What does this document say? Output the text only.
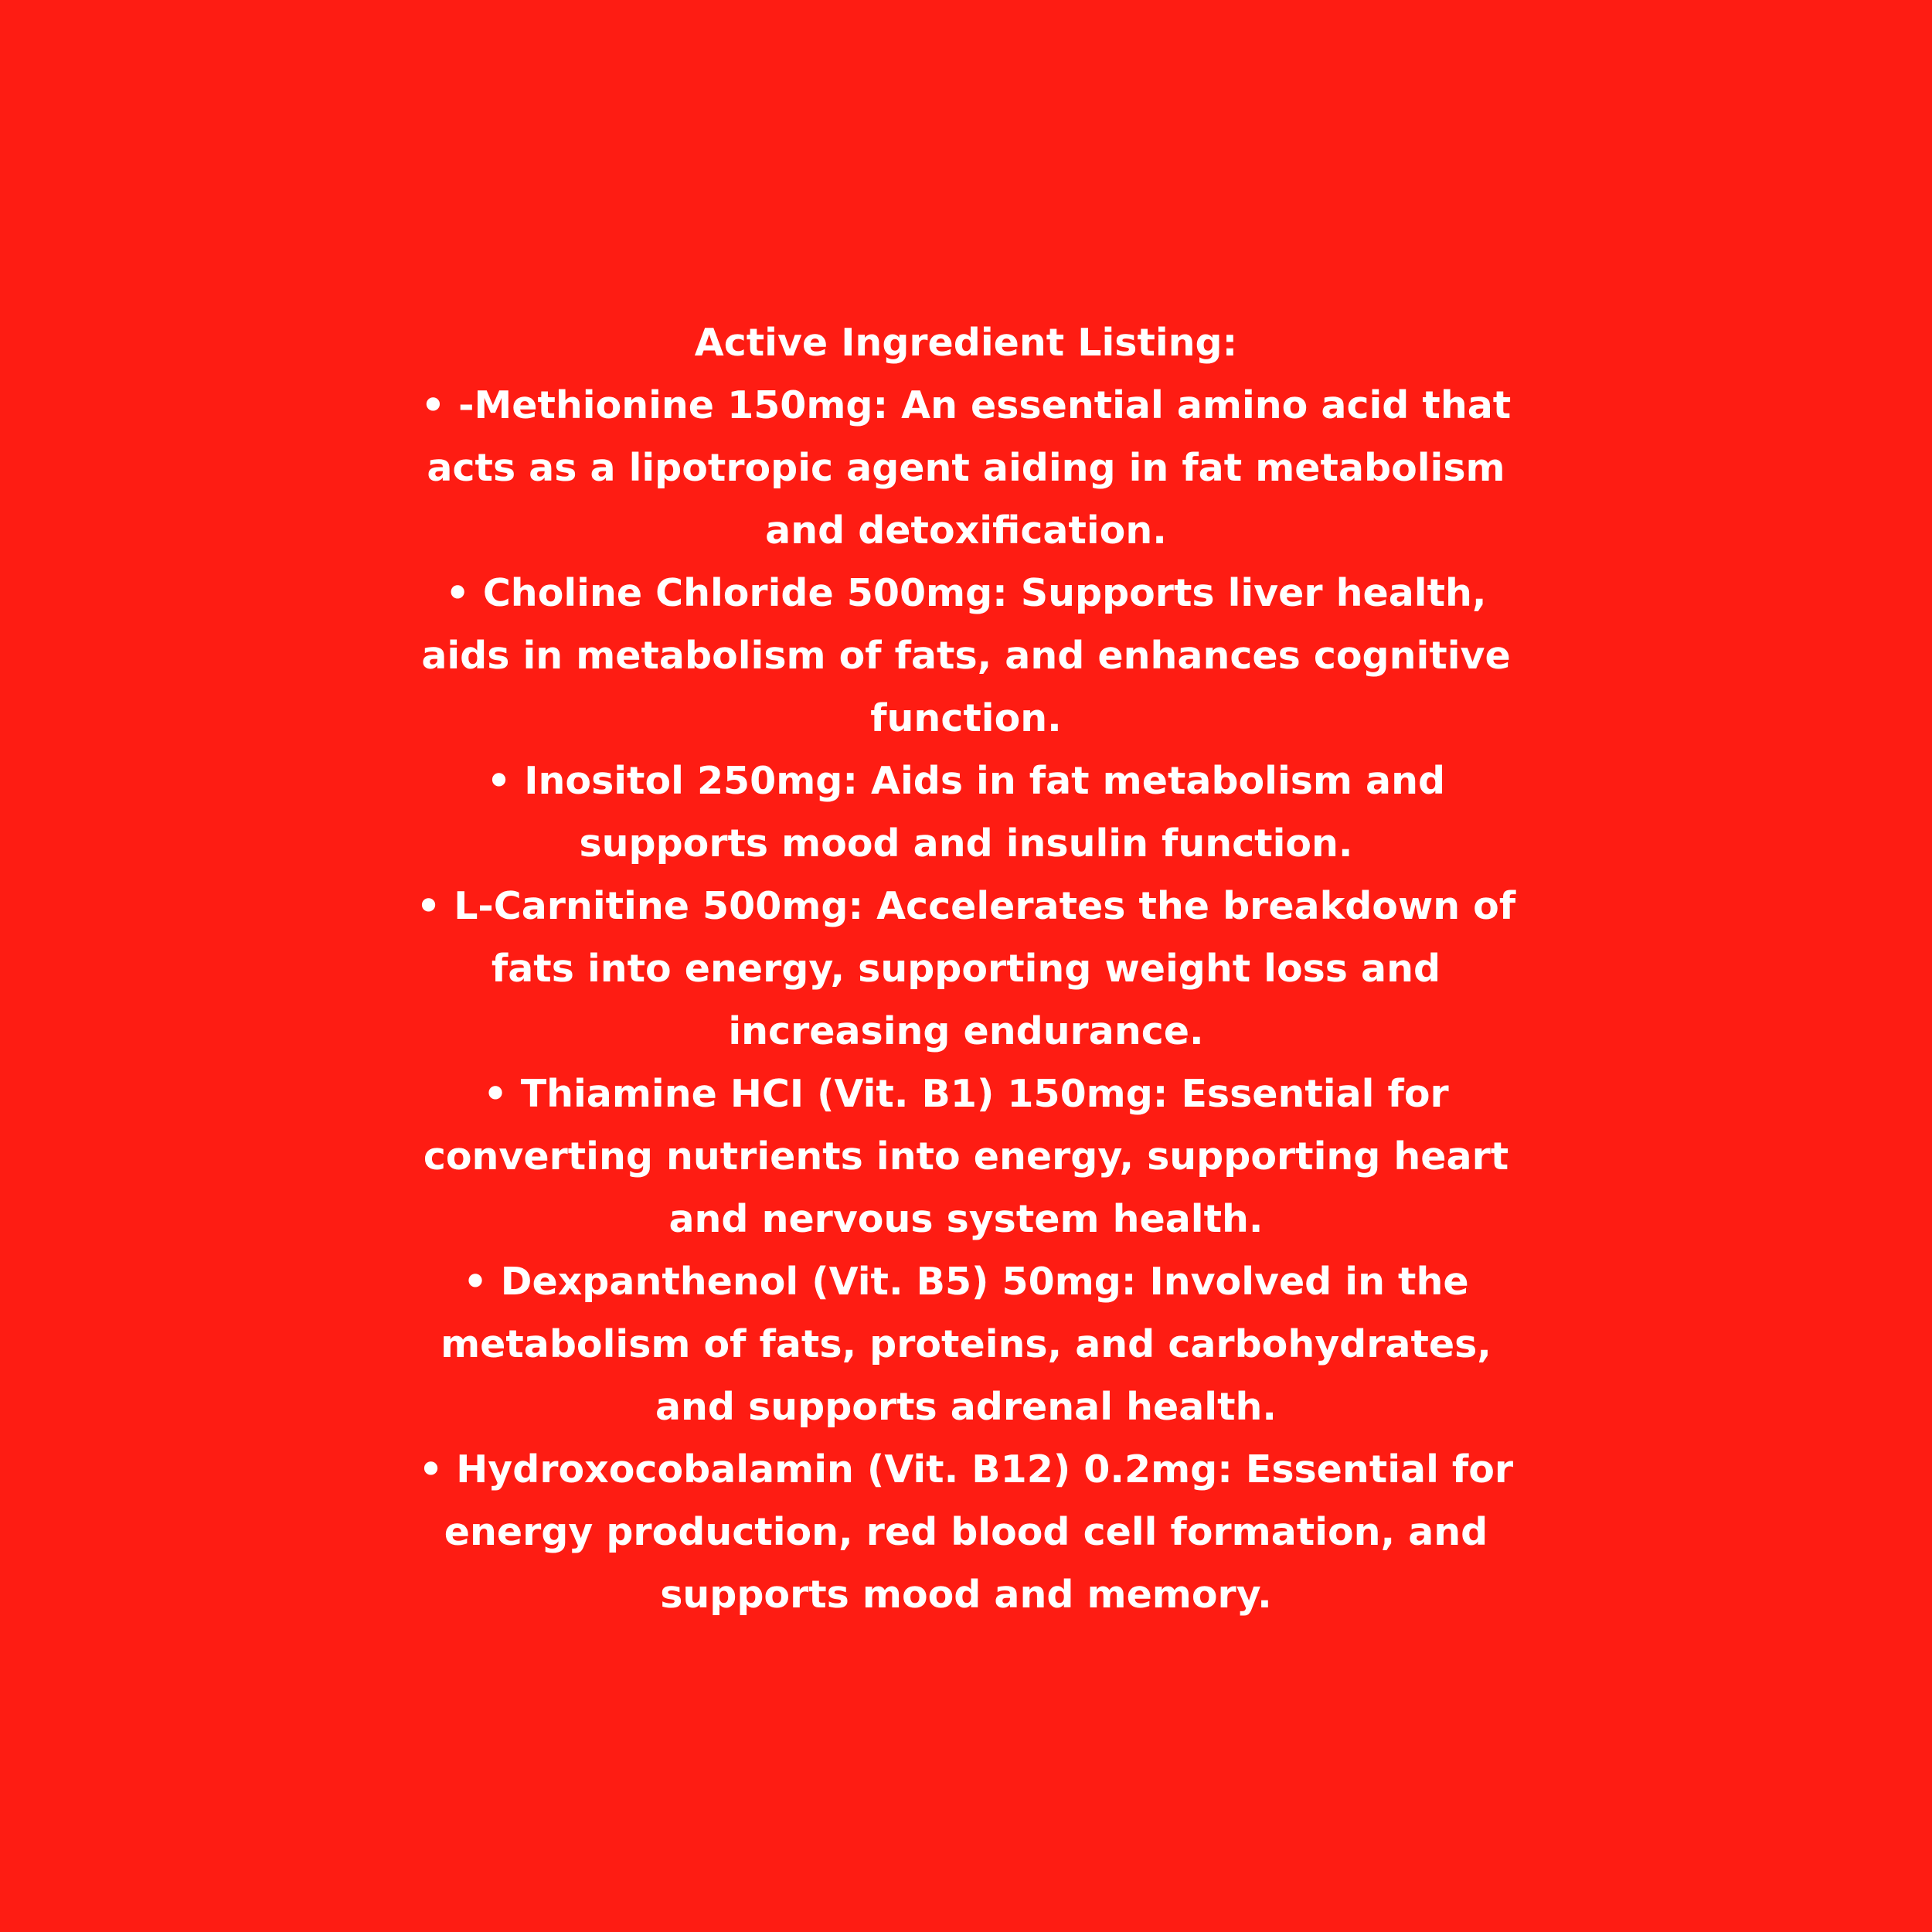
Active Ingredient Listing:
• -Methionine 150mg: An essential amino acid that
acts as a lipotropic agent aiding in fat metabolism
and detoxification.
• Choline Chloride 500mg: Supports liver health,
aids in metabolism of fats, and enhances cognitive
function.
• Inositol 250mg: Aids in fat metabolism and
supports mood and insulin function.
• L-Carnitine 500mg: Accelerates the breakdown of
fats into energy, supporting weight loss and
increasing endurance.
• Thiamine HCI (Vit. B1) 150mg: Essential for
converting nutrients into energy, supporting heart
and nervous system health.
• Dexpanthenol (Vit. B5) 50mg: Involved in the
metabolism of fats, proteins, and carbohydrates,
and supports adrenal health.
• Hydroxocobalamin (Vit. B12) 0.2mg: Essential for
energy production, red blood cell formation, and
supports mood and memory.
